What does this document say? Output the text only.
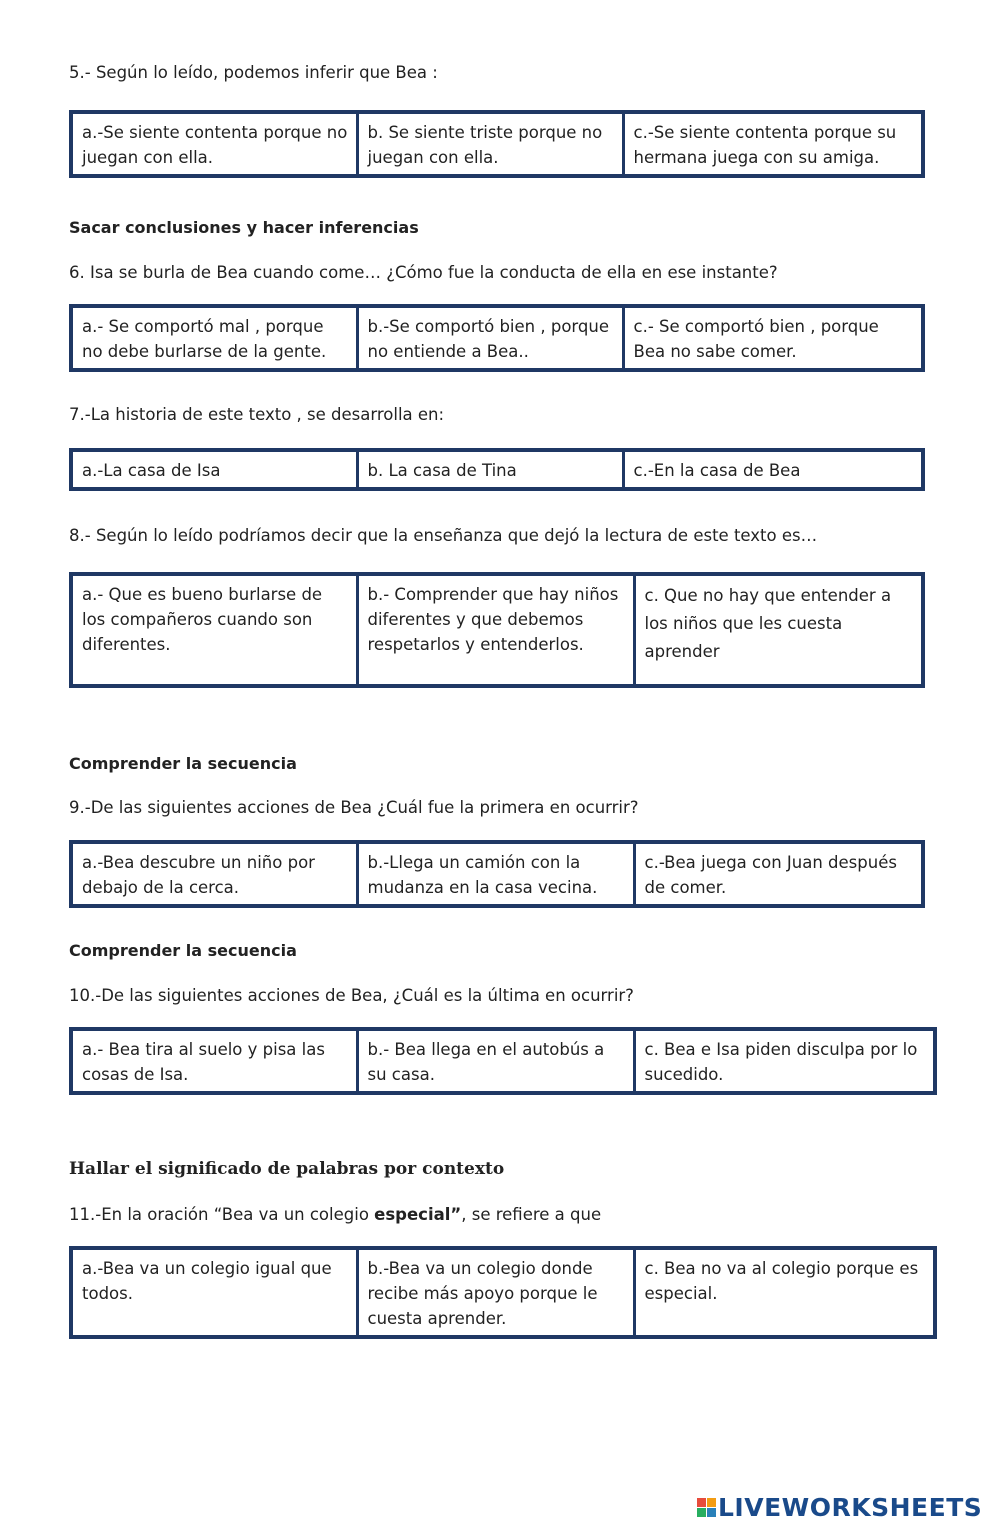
5.- Según lo leído, podemos inferir que Bea :
a.-Se siente contenta porque no juegan con ella.	b. Se siente triste porque no juegan con ella.	c.-Se siente contenta porque su hermana juega con su amiga.
Sacar conclusiones y hacer inferencias
6. Isa se burla de Bea cuando come… ¿Cómo fue la conducta de ella en ese instante?
a.- Se comportó mal , porque no debe burlarse de la gente.	b.-Se comportó bien , porque no entiende a Bea..	c.- Se comportó bien , porque Bea no sabe comer.
7.-La historia de este texto , se desarrolla en:
a.-La casa de Isa	b. La casa de Tina	c.-En la casa de Bea
8.- Según lo leído podríamos decir que la enseñanza que dejó la lectura de este texto es…
a.- Que es bueno burlarse de los compañeros cuando son diferentes.	b.- Comprender que hay niños diferentes y que debemos respetarlos y entenderlos.	c. Que no hay que entender a los niños que les cuesta aprender
Comprender la secuencia
9.-De las siguientes acciones de Bea ¿Cuál fue la primera en ocurrir?
a.-Bea descubre un niño por debajo de la cerca.	b.-Llega un camión con la mudanza en la casa vecina.	c.-Bea juega con Juan después de comer.
Comprender la secuencia
10.-De las siguientes acciones de Bea, ¿Cuál es la última en ocurrir?
a.- Bea tira al suelo y pisa las cosas de Isa.	b.- Bea llega en el autobús a su casa.	c. Bea e Isa piden disculpa por lo sucedido.
Hallar el significado de palabras por contexto
11.-En la oración “Bea va un colegio especial”, se refiere a que
a.-Bea va un colegio igual que todos.	b.-Bea va un colegio donde recibe más apoyo porque le cuesta aprender.	c. Bea no va al colegio porque es especial.
LIVEWORKSHEETS
